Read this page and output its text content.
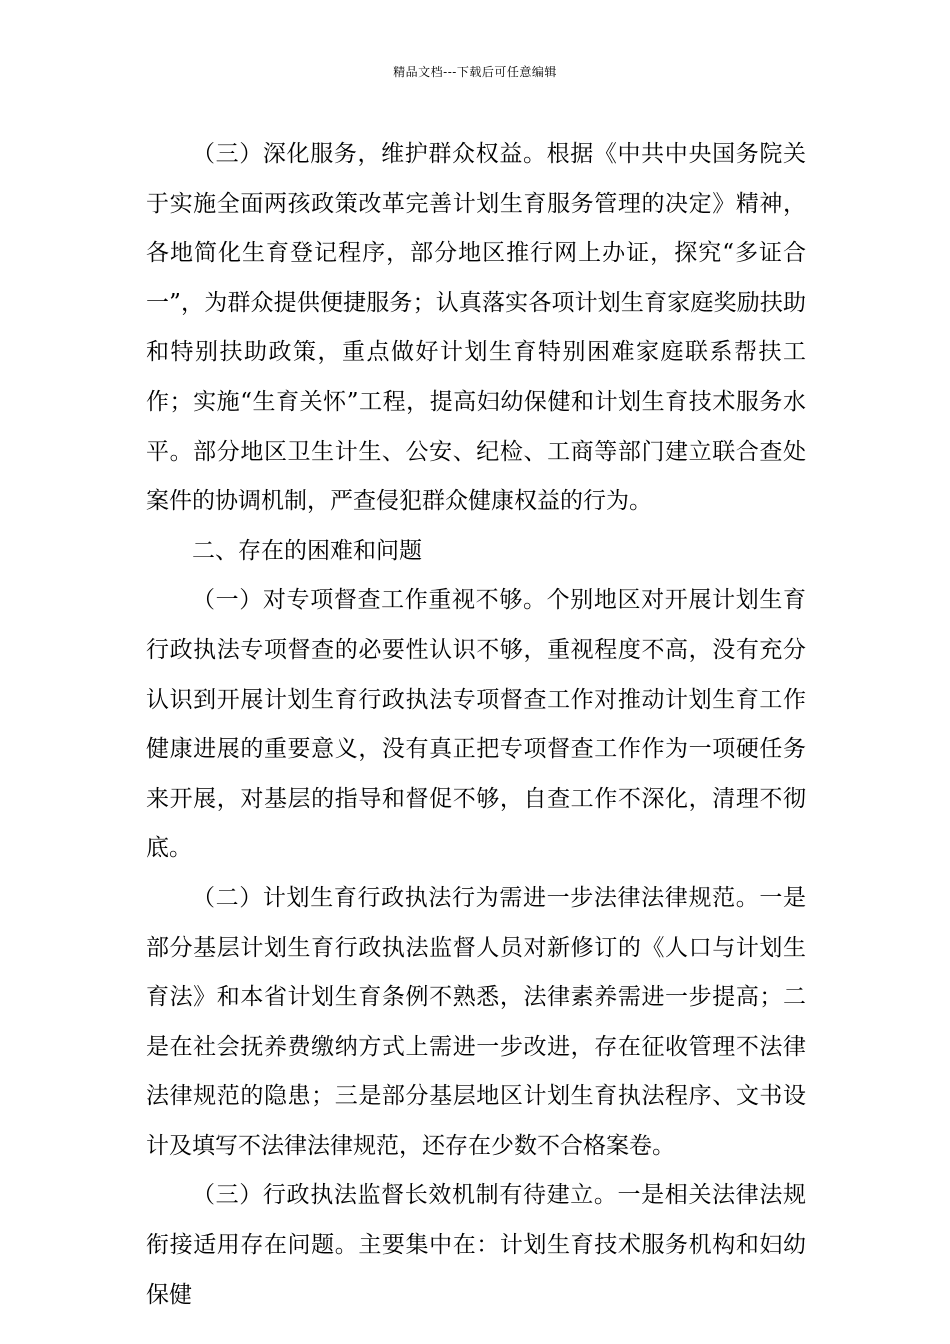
精品文档---下载后可任意编辑

（三）深化服务，维护群众权益。根据《中共中央国务院关于实施全面两孩政策改革完善计划生育服务管理的决定》精神，各地简化生育登记程序，部分地区推行网上办证，探究“多证合一”，为群众提供便捷服务；认真落实各项计划生育家庭奖励扶助和特别扶助政策，重点做好计划生育特别困难家庭联系帮扶工作；实施“生育关怀”工程，提高妇幼保健和计划生育技术服务水平。部分地区卫生计生、公安、纪检、工商等部门建立联合查处案件的协调机制，严查侵犯群众健康权益的行为。

二、存在的困难和问题

（一）对专项督查工作重视不够。个别地区对开展计划生育行政执法专项督查的必要性认识不够，重视程度不高，没有充分认识到开展计划生育行政执法专项督查工作对推动计划生育工作健康进展的重要意义，没有真正把专项督查工作作为一项硬任务来开展，对基层的指导和督促不够，自查工作不深化，清理不彻底。

（二）计划生育行政执法行为需进一步法律法律规范。一是部分基层计划生育行政执法监督人员对新修订的《人口与计划生育法》和本省计划生育条例不熟悉，法律素养需进一步提高；二是在社会抚养费缴纳方式上需进一步改进，存在征收管理不法律法律规范的隐患；三是部分基层地区计划生育执法程序、文书设计及填写不法律法律规范，还存在少数不合格案卷。

（三）行政执法监督长效机制有待建立。一是相关法律法规衔接适用存在问题。主要集中在：计划生育技术服务机构和妇幼保健
